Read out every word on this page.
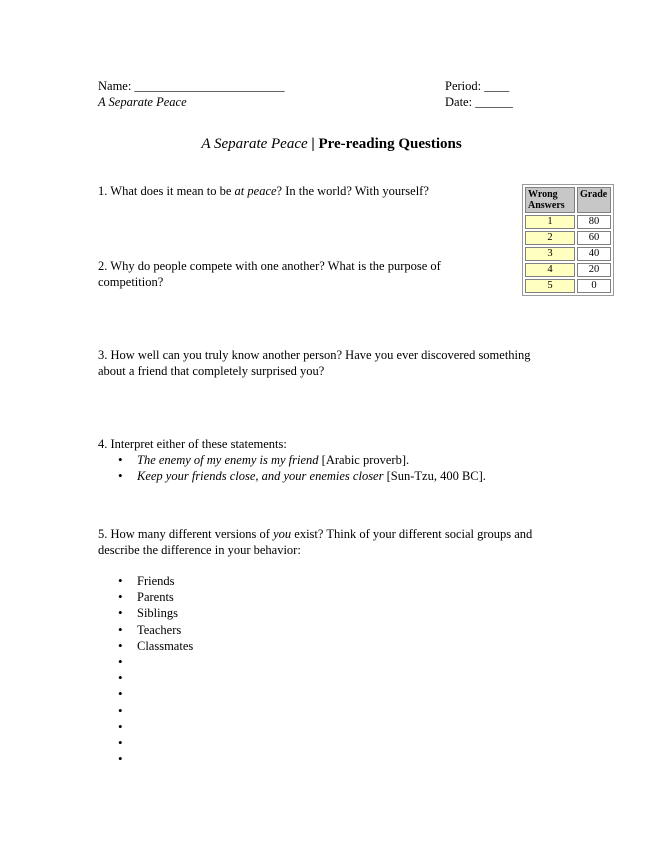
Name: ________________________
A Separate Peace
Period: ____
Date: ______
A Separate Peace | Pre-reading Questions
Wrong Answers	Grade
1	80
2	60
3	40
4	20
5	0
1. What does it mean to be at peace? In the world? With yourself?
2. Why do people compete with one another? What is the purpose of
competition?
3. How well can you truly know another person? Have you ever discovered something
about a friend that completely surprised you?
4. Interpret either of these statements:
• The enemy of my enemy is my friend [Arabic proverb].
• Keep your friends close, and your enemies closer [Sun-Tzu, 400 BC].
5. How many different versions of you exist? Think of your different social groups and
describe the difference in your behavior:
• Friends
• Parents
• Siblings
• Teachers
• Classmates
•
•
•
•
•
•
•
